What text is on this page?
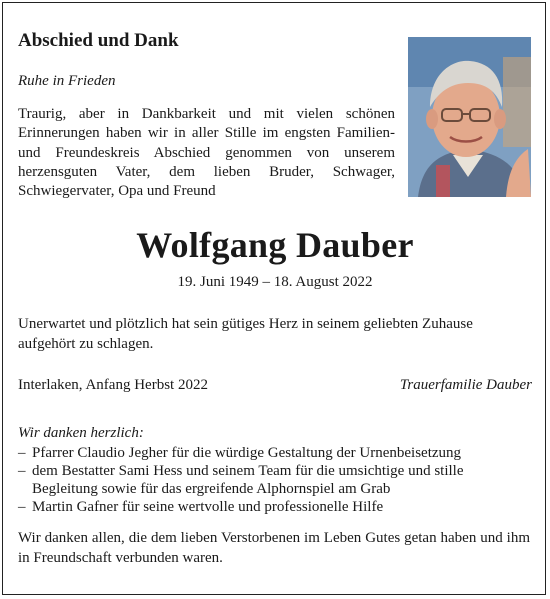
Abschied und Dank

Ruhe in Frieden

Traurig, aber in Dankbarkeit und mit vielen schönen Erinnerungen haben wir in aller Stille im engsten Familien- und Freundeskreis Abschied genommen von unserem herzensguten Vater, dem lieben Bruder, Schwager, Schwiegervater, Opa und Freund

Wolfgang Dauber

19. Juni 1949 – 18. August 2022

Unerwartet und plötzlich hat sein gütiges Herz in seinem geliebten Zuhause aufgehört zu schlagen.

Interlaken, Anfang Herbst 2022	Trauerfamilie Dauber

Wir danken herzlich:

– Pfarrer Claudio Jegher für die würdige Gestaltung der Urnenbeisetzung
– dem Bestatter Sami Hess und seinem Team für die umsichtige und stille Begleitung sowie für das ergreifende Alphornspiel am Grab
– Martin Gafner für seine wertvolle und professionelle Hilfe

Wir danken allen, die dem lieben Verstorbenen im Leben Gutes getan haben und ihm in Freundschaft verbunden waren.
